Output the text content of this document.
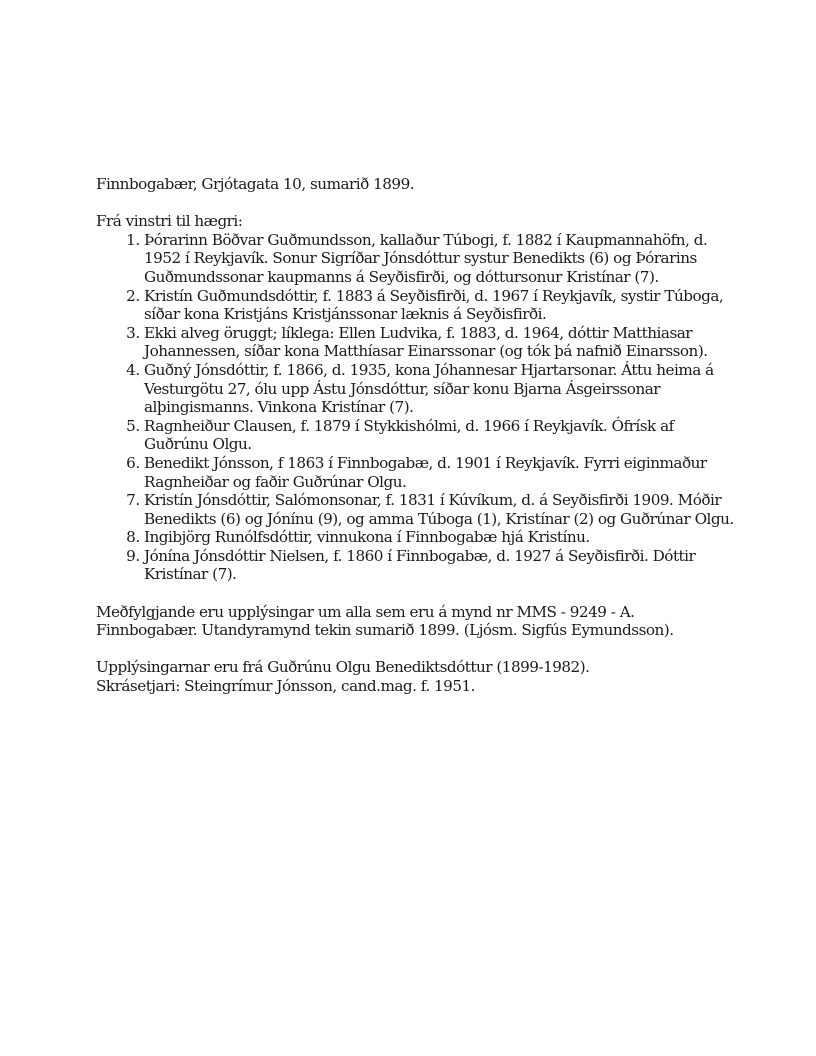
Finnbogabær, Grjótagata 10, sumarið 1899.

Frá vinstri til hægri:

1. Þórarinn Böðvar Guðmundsson, kallaður Túbogi, f. 1882 í Kaupmannahöfn, d. 1952 í Reykjavík. Sonur Sigríðar Jónsdóttur systur Benedikts (6) og Þórarins Guðmundssonar kaupmanns á Seyðisfirði, og dóttursonur Kristínar (7).
2. Kristín Guðmundsdóttir, f. 1883 á Seyðisfirði, d. 1967 í Reykjavík, systir Túboga, síðar kona Kristjáns Kristjánssonar læknis á Seyðisfirði.
3. Ekki alveg öruggt; líklega: Ellen Ludvika, f. 1883, d. 1964, dóttir Matthiasar Johannessen, síðar kona Matthíasar Einarssonar (og tók þá nafnið Einarsson).
4. Guðný Jónsdóttir, f. 1866, d. 1935, kona Jóhannesar Hjartarsonar. Áttu heima á Vesturgötu 27, ólu upp Ástu Jónsdóttur, síðar konu Bjarna Ásgeirssonar alþingismanns. Vinkona Kristínar (7).
5. Ragnheiður Clausen, f. 1879 í Stykkishólmi, d. 1966 í Reykjavík. Ófrísk af Guðrúnu Olgu.
6. Benedikt Jónsson, f 1863 í Finnbogabæ, d. 1901 í Reykjavík. Fyrri eiginmaður Ragnheiðar og faðir Guðrúnar Olgu.
7. Kristín Jónsdóttir, Salómonsonar, f. 1831 í Kúvíkum, d. á Seyðisfirði 1909. Móðir Benedikts (6) og Jónínu (9), og amma Túboga (1), Kristínar (2) og Guðrúnar Olgu.
8. Ingibjörg Runólfsdóttir, vinnukona í Finnbogabæ hjá Kristínu.
9. Jónína Jónsdóttir Nielsen, f. 1860 í Finnbogabæ, d. 1927 á Seyðisfirði. Dóttir Kristínar (7).

Meðfylgjande eru upplýsingar um alla sem eru á mynd nr MMS - 9249 - A. Finnbogabær. Utandyramynd tekin sumarið 1899. (Ljósm. Sigfús Eymundsson).

Upplýsingarnar eru frá Guðrúnu Olgu Benediktsdóttur (1899-1982).

Skrásetjari: Steingrímur Jónsson, cand.mag. f. 1951.
